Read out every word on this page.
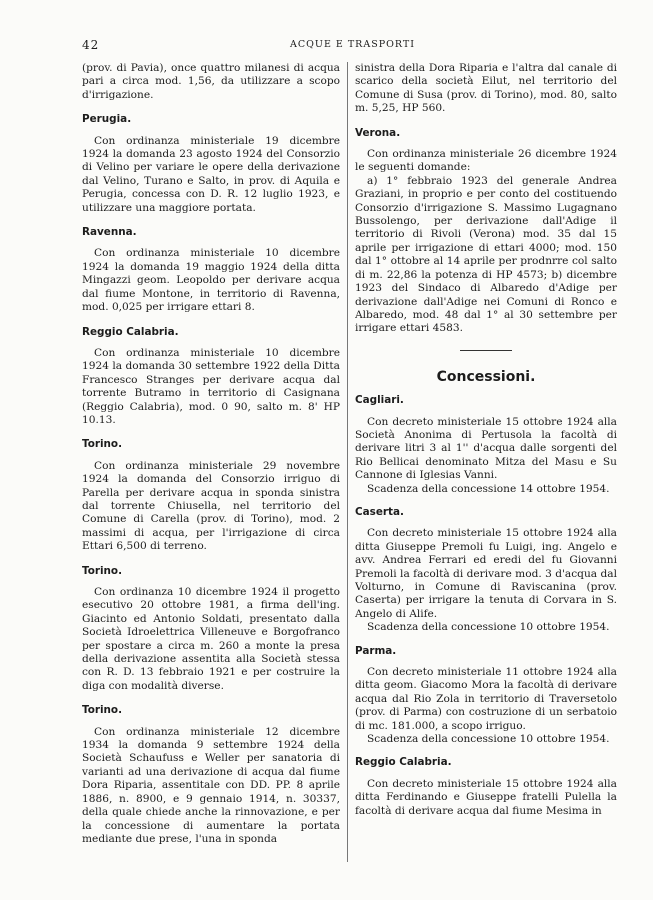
42	ACQUE E TRASPORTI

(prov. di Pavia), once quattro milanesi di acqua pari a circa mod. 1,56, da utilizzare a scopo d'irrigazione.

Perugia.

Con ordinanza ministeriale 19 dicembre 1924 la domanda 23 agosto 1924 del Consorzio di Velino per variare le opere della derivazione dal Velino, Turano e Salto, in prov. di Aquila e Perugia, concessa con D. R. 12 luglio 1923, e utilizzare una maggiore portata.

Ravenna.

Con ordinanza ministeriale 10 dicembre 1924 la domanda 19 maggio 1924 della ditta Mingazzi geom. Leopoldo per derivare acqua dal fiume Montone, in territorio di Ravenna, mod. 0,025 per irrigare ettari 8.

Reggio Calabria.

Con ordinanza ministeriale 10 dicembre 1924 la domanda 30 settembre 1922 della Ditta Francesco Stranges per derivare acqua dal torrente Butramo in territorio di Casignana (Reggio Calabria), mod. 0 90, salto m. 8' HP 10.13.

Torino.

Con ordinanza ministeriale 29 novembre 1924 la domanda del Consorzio irriguo di Parella per derivare acqua in sponda sinistra dal torrente Chiusella, nel territorio del Comune di Carella (prov. di Torino), mod. 2 massimi di acqua, per l'irrigazione di circa Ettari 6,500 di terreno.

Torino.

Con ordinanza 10 dicembre 1924 il progetto esecutivo 20 ottobre 1981, a firma dell'ing. Giacinto ed Antonio Soldati, presentato dalla Società Idroelettrica Villeneuve e Borgofranco per spostare a circa m. 260 a monte la presa della derivazione assentita alla Società stessa con R. D. 13 febbraio 1921 e per costruire la diga con modalità diverse.

Torino.

Con ordinanza ministeriale 12 dicembre 1934 la domanda 9 settembre 1924 della Società Schaufuss e Weller per sanatoria di varianti ad una derivazione di acqua dal fiume Dora Riparia, assentitale con DD. PP. 8 aprile 1886, n. 8900, e 9 gennaio 1914, n. 30337, della quale chiede anche la rinnovazione, e per la concessione di aumentare la portata mediante due prese, l'una in sponda

sinistra della Dora Riparia e l'altra dal canale di scarico della società Eilut, nel territorio del Comune di Susa (prov. di Torino), mod. 80, salto m. 5,25, HP 560.

Verona.

Con ordinanza ministeriale 26 dicembre 1924 le seguenti domande:

a) 1° febbraio 1923 del generale Andrea Graziani, in proprio e per conto del costituendo Consorzio d'irrigazione S. Massimo Lugagnano Bussolengo, per derivazione dall'Adige il territorio di Rivoli (Verona) mod. 35 dal 15 aprile per irrigazione di ettari 4000; mod. 150 dal 1° ottobre al 14 aprile per prodnrre col salto di m. 22,86 la potenza di HP 4573; b) dicembre 1923 del Sindaco di Albaredo d'Adige per derivazione dall'Adige nei Comuni di Ronco e Albaredo, mod. 48 dal 1° al 30 settembre per irrigare ettari 4583.

Concessioni.
Cagliari.

Con decreto ministeriale 15 ottobre 1924 alla Società Anonima di Pertusola la facoltà di derivare litri 3 al 1'' d'acqua dalle sorgenti del Rio Bellicai denominato Mitza del Masu e Su Cannone di Iglesias Vanni.

Scadenza della concessione 14 ottobre 1954.

Caserta.

Con decreto ministeriale 15 ottobre 1924 alla ditta Giuseppe Premoli fu Luigi, ing. Angelo e avv. Andrea Ferrari ed eredi del fu Giovanni Premoli la facoltà di derivare mod. 3 d'acqua dal Volturno, in Comune di Raviscanina (prov. Caserta) per irrigare la tenuta di Corvara in S. Angelo di Alife.

Scadenza della concessione 10 ottobre 1954.

Parma.

Con decreto ministeriale 11 ottobre 1924 alla ditta geom. Giacomo Mora la facoltà di derivare acqua dal Rio Zola in territorio di Traversetolo (prov. di Parma) con costruzione di un serbatoio di mc. 181.000, a scopo irriguo.

Scadenza della concessione 10 ottobre 1954.

Reggio Calabria.

Con decreto ministeriale 15 ottobre 1924 alla ditta Ferdinando e Giuseppe fratelli Pulella la facoltà di derivare acqua dal fiume Mesima in
